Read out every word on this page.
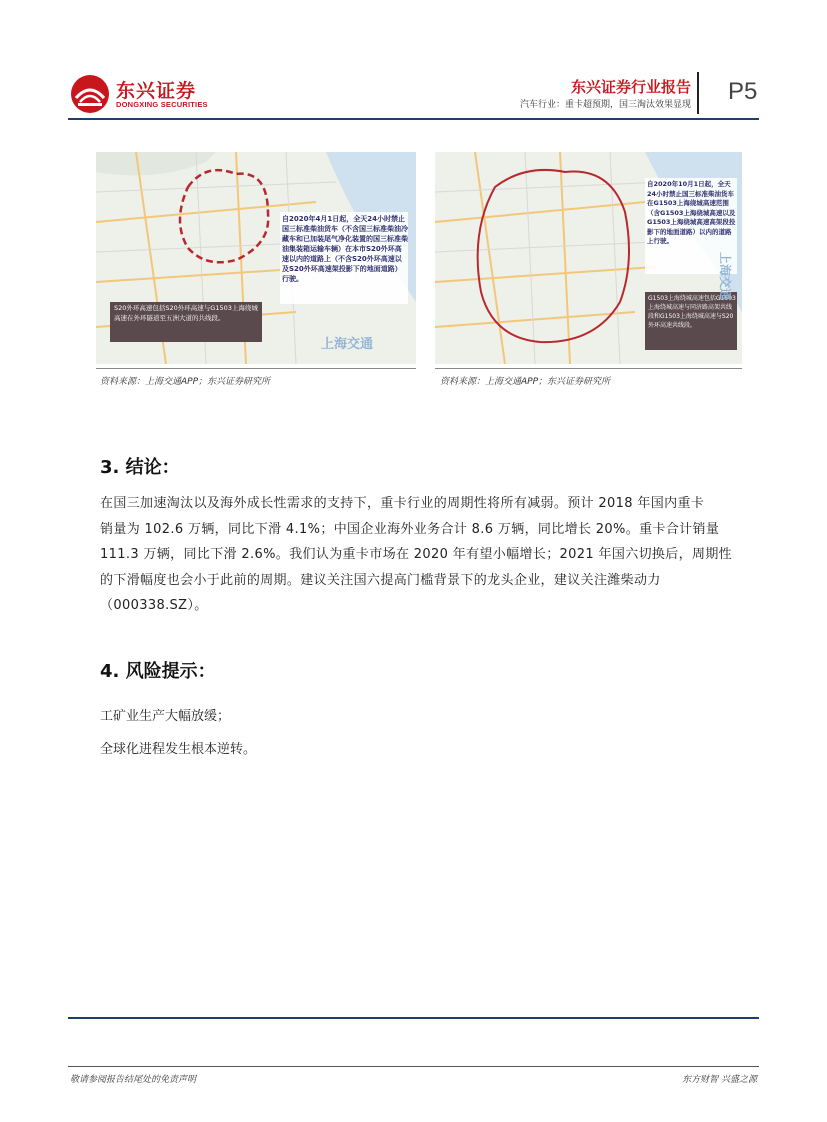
东兴证券
DONGXING SECURITIES
东兴证券行业报告
汽车行业：重卡超预期，国三淘汰效果显现 P5
自2020年4月1日起，全天24小时禁止国三标准柴油货车（不含国三标准柴油冷藏车和已加装尾气净化装置的国三标准柴油集装箱运输车辆）在本市S20外环高速以内的道路上（不含S20外环高速以及S20外环高速架投影下的地面道路）行驶。
S20外环高速包括S20外环高速与G1503上海绕城高速在外环隧道至五洲大道的共线段。
上海交通
资料来源：上海交通APP；东兴证券研究所
自2020年10月1日起，全天24小时禁止国三标准柴油货车在G1503上海绕城高速范围（含G1503上海绕城高速以及G1503上海绕城高速高架段投影下的地面道路）以内的道路上行驶。
G1503上海绕城高速包括G1503上海绕城高速与同济路高架共线段和G1503上海绕城高速与S20外环高速共线段。
上海交通
资料来源：上海交通APP；东兴证券研究所
3. 结论：
在国三加速淘汰以及海外成长性需求的支持下，重卡行业的周期性将所有减弱。预计 2018 年国内重卡
销量为 102.6 万辆，同比下滑 4.1%；中国企业海外业务合计 8.6 万辆，同比增长 20%。重卡合计销量
111.3 万辆，同比下滑 2.6%。我们认为重卡市场在 2020 年有望小幅增长；2021 年国六切换后，周期性
的下滑幅度也会小于此前的周期。建议关注国六提高门槛背景下的龙头企业，建议关注潍柴动力
（000338.SZ）。
4. 风险提示：
工矿业生产大幅放缓；
全球化进程发生根本逆转。
敬请参阅报告结尾处的免责声明	东方财智 兴盛之源
